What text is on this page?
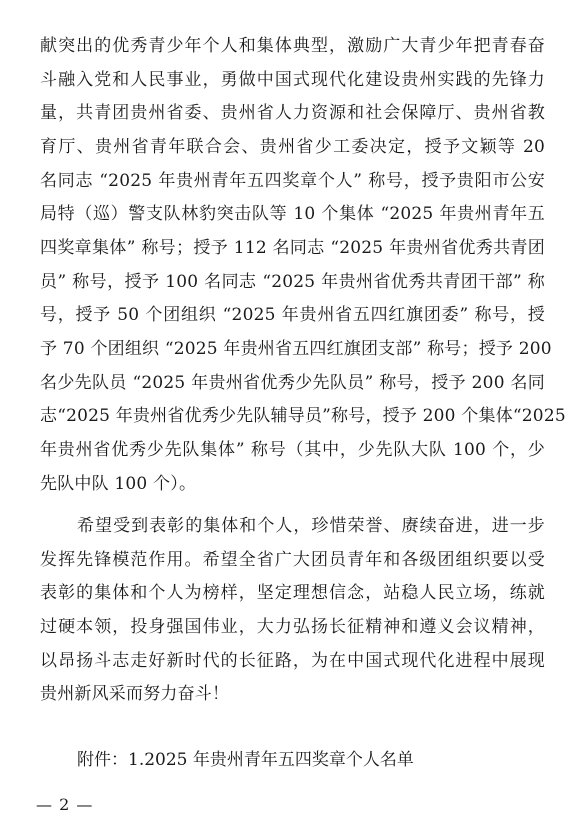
献突出的优秀青少年个人和集体典型，激励广大青少年把青春奋
斗融入党和人民事业，勇做中国式现代化建设贵州实践的先锋力
量，共青团贵州省委、贵州省人力资源和社会保障厅、贵州省教
育厅、贵州省青年联合会、贵州省少工委决定，授予文颖等 20
名同志 “2025 年贵州青年五四奖章个人” 称号，授予贵阳市公安
局特（巡）警支队林豹突击队等 10 个集体 “2025 年贵州青年五
四奖章集体” 称号；授予 112 名同志 “2025 年贵州省优秀共青团
员” 称号，授予 100 名同志 “2025 年贵州省优秀共青团干部” 称
号，授予 50 个团组织 “2025 年贵州省五四红旗团委” 称号，授
予 70 个团组织 “2025 年贵州省五四红旗团支部” 称号；授予 200
名少先队员 “2025 年贵州省优秀少先队员” 称号，授予 200 名同
志“2025 年贵州省优秀少先队辅导员”称号，授予 200 个集体“2025
年贵州省优秀少先队集体” 称号（其中，少先队大队 100 个，少
先队中队 100 个）。
希望受到表彰的集体和个人，珍惜荣誉、赓续奋进，进一步
发挥先锋模范作用。希望全省广大团员青年和各级团组织要以受
表彰的集体和个人为榜样，坚定理想信念，站稳人民立场，练就
过硬本领，投身强国伟业，大力弘扬长征精神和遵义会议精神，
以昂扬斗志走好新时代的长征路，为在中国式现代化进程中展现
贵州新风采而努力奋斗！
附件：1.2025 年贵州青年五四奖章个人名单
— 2 —
